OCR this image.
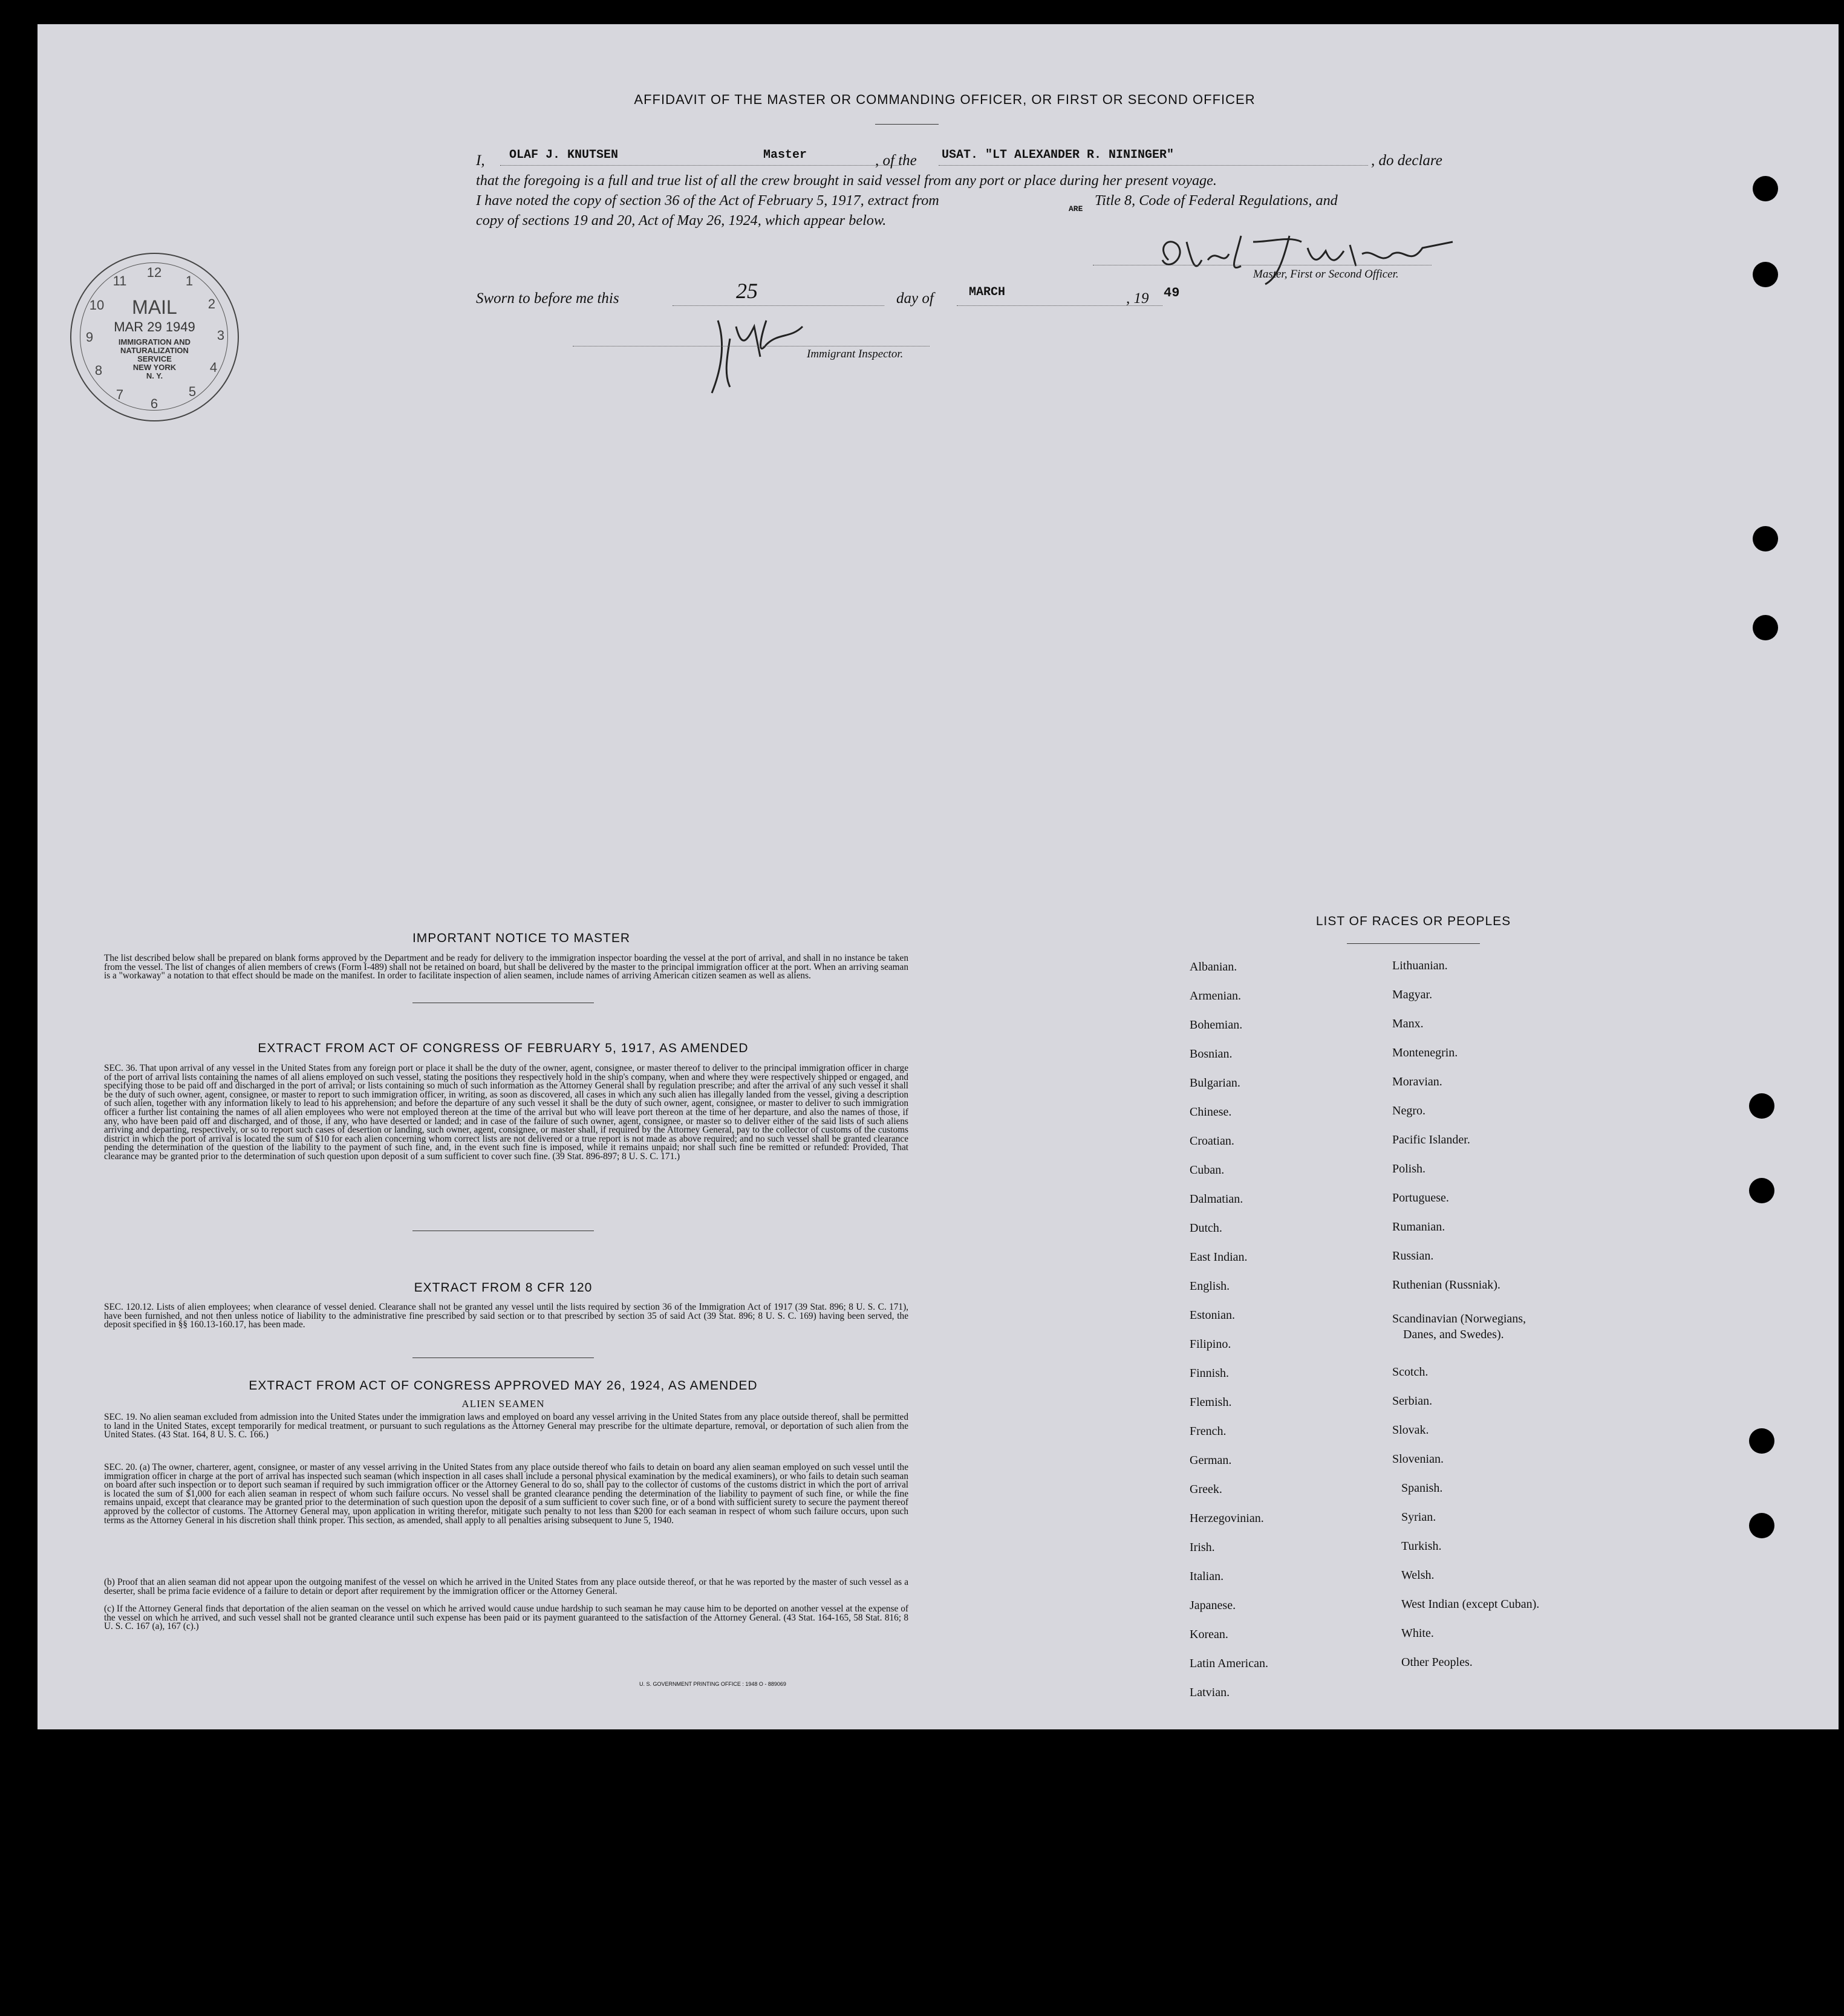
AFFIDAVIT OF THE MASTER OR COMMANDING OFFICER, OR FIRST OR SECOND OFFICER
I, OLAF J. KNUTSEN	Master	, of the USAT. "LT ALEXANDER R. NININGER"	, do declare
that the foregoing is a full and true list of all the crew brought in said vessel from any port or place during her present voyage.
I have noted the copy of section 36 of the Act of February 5, 1917, extract from
ARE
Title 8, Code of Federal Regulations, and
copy of sections 19 and 20, Act of May 26, 1924, which appear below.
Master, First or Second Officer.
Sworn to before me this	25	day of	MARCH	, 19 49
Immigrant Inspector.
12
1
2
3
4
5
6
7
8
9
10
11
MAIL
MAR 29 1949
IMMIGRATION AND
NATURALIZATION
SERVICE
NEW YORK
N. Y.
IMPORTANT NOTICE TO MASTER
The list described below shall be prepared on blank forms approved by the Department and be ready for delivery to the immigration inspector boarding the vessel at the port of arrival, and shall in no instance be taken from the vessel. The list of changes of alien members of crews (Form I-489) shall not be retained on board, but shall be delivered by the master to the principal immigration officer at the port. When an arriving seaman is a "workaway" a notation to that effect should be made on the manifest. In order to facilitate inspection of alien seamen, include names of arriving American citizen seamen as well as aliens.
EXTRACT FROM ACT OF CONGRESS OF FEBRUARY 5, 1917, AS AMENDED
SEC. 36. That upon arrival of any vessel in the United States from any foreign port or place it shall be the duty of the owner, agent, consignee, or master thereof to deliver to the principal immigration officer in charge of the port of arrival lists containing the names of all aliens employed on such vessel, stating the positions they respectively hold in the ship's company, when and where they were respectively shipped or engaged, and specifying those to be paid off and discharged in the port of arrival; or lists containing so much of such information as the Attorney General shall by regulation prescribe; and after the arrival of any such vessel it shall be the duty of such owner, agent, consignee, or master to report to such immigration officer, in writing, as soon as discovered, all cases in which any such alien has illegally landed from the vessel, giving a description of such alien, together with any information likely to lead to his apprehension; and before the departure of any such vessel it shall be the duty of such owner, agent, consignee, or master to deliver to such immigration officer a further list containing the names of all alien employees who were not employed thereon at the time of the arrival but who will leave port thereon at the time of her departure, and also the names of those, if any, who have been paid off and discharged, and of those, if any, who have deserted or landed; and in case of the failure of such owner, agent, consignee, or master so to deliver either of the said lists of such aliens arriving and departing, respectively, or so to report such cases of desertion or landing, such owner, agent, consignee, or master shall, if required by the Attorney General, pay to the collector of customs of the customs district in which the port of arrival is located the sum of $10 for each alien concerning whom correct lists are not delivered or a true report is not made as above required; and no such vessel shall be granted clearance pending the determination of the question of the liability to the payment of such fine, and, in the event such fine is imposed, while it remains unpaid; nor shall such fine be remitted or refunded: Provided, That clearance may be granted prior to the determination of such question upon deposit of a sum sufficient to cover such fine. (39 Stat. 896-897; 8 U. S. C. 171.)
EXTRACT FROM 8 CFR 120
SEC. 120.12. Lists of alien employees; when clearance of vessel denied. Clearance shall not be granted any vessel until the lists required by section 36 of the Immigration Act of 1917 (39 Stat. 896; 8 U. S. C. 171), have been furnished, and not then unless notice of liability to the administrative fine prescribed by said section or to that prescribed by section 35 of said Act (39 Stat. 896; 8 U. S. C. 169) having been served, the deposit specified in §§ 160.13-160.17, has been made.
EXTRACT FROM ACT OF CONGRESS APPROVED MAY 26, 1924, AS AMENDED
ALIEN SEAMEN
SEC. 19. No alien seaman excluded from admission into the United States under the immigration laws and employed on board any vessel arriving in the United States from any place outside thereof, shall be permitted to land in the United States, except temporarily for medical treatment, or pursuant to such regulations as the Attorney General may prescribe for the ultimate departure, removal, or deportation of such alien from the United States. (43 Stat. 164, 8 U. S. C. 166.)
SEC. 20. (a) The owner, charterer, agent, consignee, or master of any vessel arriving in the United States from any place outside thereof who fails to detain on board any alien seaman employed on such vessel until the immigration officer in charge at the port of arrival has inspected such seaman (which inspection in all cases shall include a personal physical examination by the medical examiners), or who fails to detain such seaman on board after such inspection or to deport such seaman if required by such immigration officer or the Attorney General to do so, shall pay to the collector of customs of the customs district in which the port of arrival is located the sum of $1,000 for each alien seaman in respect of whom such failure occurs. No vessel shall be granted clearance pending the determination of the liability to payment of such fine, or while the fine remains unpaid, except that clearance may be granted prior to the determination of such question upon the deposit of a sum sufficient to cover such fine, or of a bond with sufficient surety to secure the payment thereof approved by the collector of customs. The Attorney General may, upon application in writing therefor, mitigate such penalty to not less than $200 for each seaman in respect of whom such failure occurs, upon such terms as the Attorney General in his discretion shall think proper. This section, as amended, shall apply to all penalties arising subsequent to June 5, 1940.
(b) Proof that an alien seaman did not appear upon the outgoing manifest of the vessel on which he arrived in the United States from any place outside thereof, or that he was reported by the master of such vessel as a deserter, shall be prima facie evidence of a failure to detain or deport after requirement by the immigration officer or the Attorney General.
(c) If the Attorney General finds that deportation of the alien seaman on the vessel on which he arrived would cause undue hardship to such seaman he may cause him to be deported on another vessel at the expense of the vessel on which he arrived, and such vessel shall not be granted clearance until such expense has been paid or its payment guaranteed to the satisfaction of the Attorney General. (43 Stat. 164-165, 58 Stat. 816; 8 U. S. C. 167 (a), 167 (c).)
U. S. GOVERNMENT PRINTING OFFICE : 1948 O - 889069
LIST OF RACES OR PEOPLES
Albanian.
Armenian.
Bohemian.
Bosnian.
Bulgarian.
Chinese.
Croatian.
Cuban.
Dalmatian.
Dutch.
East Indian.
English.
Estonian.
Filipino.
Finnish.
Flemish.
French.
German.
Greek.
Herzegovinian.
Irish.
Italian.
Japanese.
Korean.
Latin American.
Latvian.
Lithuanian.
Magyar.
Manx.
Montenegrin.
Moravian.
Negro.
Pacific Islander.
Polish.
Portuguese.
Rumanian.
Russian.
Ruthenian (Russniak).
Scandinavian (Norwegians,
Danes, and Swedes).
Scotch.
Serbian.
Slovak.
Slovenian.
Spanish.
Syrian.
Turkish.
Welsh.
West Indian (except Cuban).
White.
Other Peoples.
